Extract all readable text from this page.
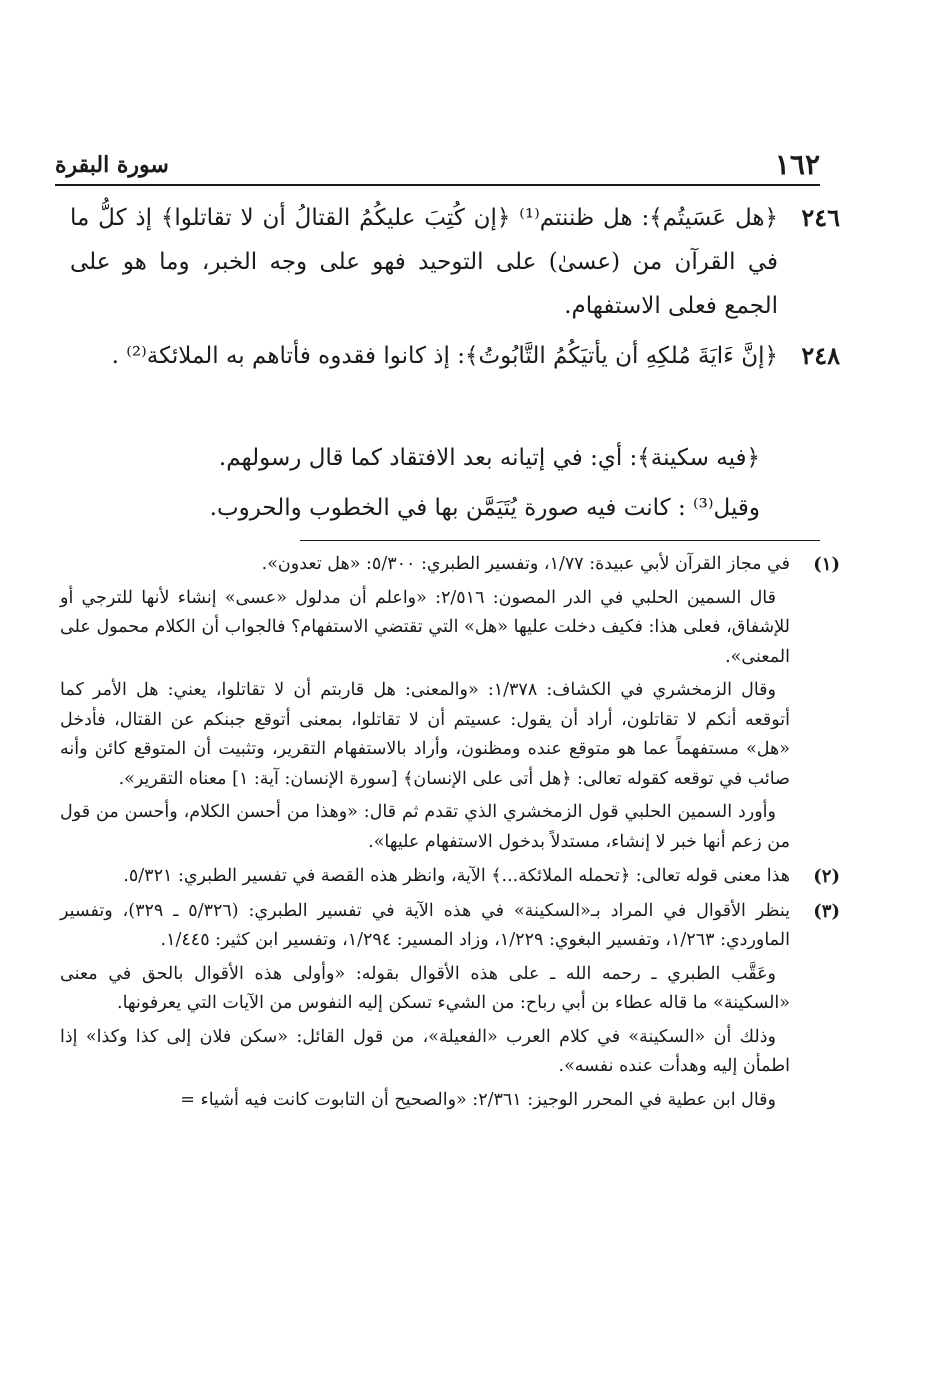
١٦٢
سورة البقرة
٢٤٦
﴿هل عَسَيتُم﴾: هل ظننتم⁽¹⁾ ﴿إن كُتِبَ عليكُمُ القتالُ أن لا تقاتلوا﴾ إذ كلُّ ما في القرآن من (عسىٰ) على التوحيد فهو على وجه الخبر، وما هو على الجمع فعلى الاستفهام.
٢٤٨
﴿إنَّ ءَايَةَ مُلكِهِ أن يأتيَكُمُ التَّابُوتُ﴾: إذ كانوا فقدوه فأتاهم به الملائكة⁽²⁾ .
﴿فيه سكينة﴾: أي: في إتيانه بعد الافتقاد كما قال رسولهم.
وقيل⁽³⁾ : كانت فيه صورة يُتَيَمَّن بها في الخطوب والحروب.
(١)
في مجاز القرآن لأبي عبيدة: ١/٧٧، وتفسير الطبري: ٥/٣٠٠: «هل تعدون».
قال السمين الحلبي في الدر المصون: ٢/٥١٦: «واعلم أن مدلول «عسى» إنشاء لأنها للترجي أو للإشفاق، فعلى هذا: فكيف دخلت عليها «هل» التي تقتضي الاستفهام؟ فالجواب أن الكلام محمول على المعنى».
وقال الزمخشري في الكشاف: ١/٣٧٨: «والمعنى: هل قاربتم أن لا تقاتلوا، يعني: هل الأمر كما أتوقعه أنكم لا تقاتلون، أراد أن يقول: عسيتم أن لا تقاتلوا، بمعنى أتوقع جبنكم عن القتال، فأدخل «هل» مستفهماً عما هو متوقع عنده ومظنون، وأراد بالاستفهام التقرير، وتثبيت أن المتوقع كائن وأنه صائب في توقعه كقوله تعالى: ﴿هل أتى على الإنسان﴾ [سورة الإنسان: آية: ١] معناه التقرير».
وأورد السمين الحلبي قول الزمخشري الذي تقدم ثم قال: «وهذا من أحسن الكلام، وأحسن من قول من زعم أنها خبر لا إنشاء، مستدلاً بدخول الاستفهام عليها».
(٢)
هذا معنى قوله تعالى: ﴿تحمله الملائكة...﴾ الآية، وانظر هذه القصة في تفسير الطبري: ٥/٣٢١.
(٣)
ينظر الأقوال في المراد بـ«السكينة» في هذه الآية في تفسير الطبري: (٥/٣٢٦ ـ ٣٢٩)، وتفسير الماوردي: ١/٢٦٣، وتفسير البغوي: ١/٢٢٩، وزاد المسير: ١/٢٩٤، وتفسير ابن كثير: ١/٤٤٥.
وعَقَّب الطبري ـ رحمه الله ـ على هذه الأقوال بقوله: «وأولى هذه الأقوال بالحق في معنى «السكينة» ما قاله عطاء بن أبي رباح: من الشيء تسكن إليه النفوس من الآيات التي يعرفونها.
وذلك أن «السكينة» في كلام العرب «الفعيلة»، من قول القائل: «سكن فلان إلى كذا وكذا» إذا اطمأن إليه وهدأت عنده نفسه».
وقال ابن عطية في المحرر الوجيز: ٢/٣٦١: «والصحيح أن التابوت كانت فيه أشياء =
